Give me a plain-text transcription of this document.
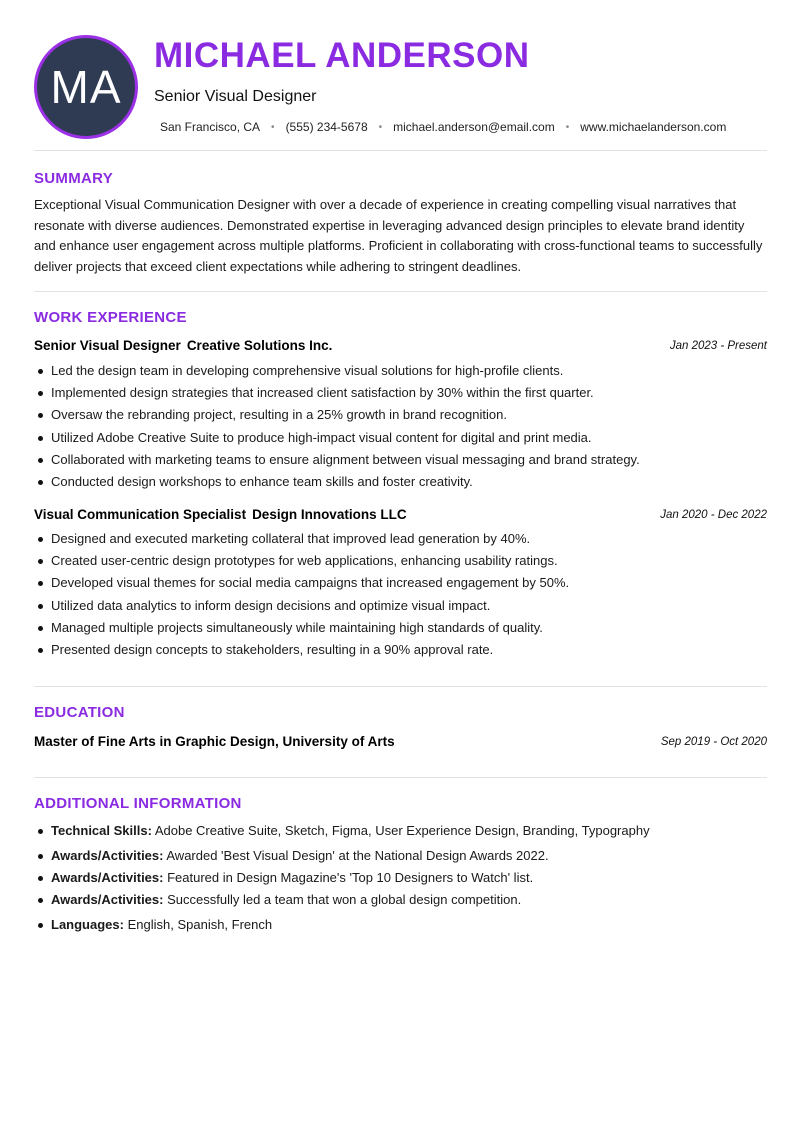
MA
MICHAEL ANDERSON
Senior Visual Designer
San Francisco, CA • (555) 234-5678 • michael.anderson@email.com • www.michaelanderson.com
SUMMARY

Exceptional Visual Communication Designer with over a decade of experience in creating compelling visual narratives that resonate with diverse audiences. Demonstrated expertise in leveraging advanced design principles to elevate brand identity and enhance user engagement across multiple platforms. Proficient in collaborating with cross-functional teams to successfully deliver projects that exceed client expectations while adhering to stringent deadlines.

WORK EXPERIENCE
Senior Visual Designer Creative Solutions Inc.	Jan 2023 - Present
Led the design team in developing comprehensive visual solutions for high-profile clients.
Implemented design strategies that increased client satisfaction by 30% within the first quarter.
Oversaw the rebranding project, resulting in a 25% growth in brand recognition.
Utilized Adobe Creative Suite to produce high-impact visual content for digital and print media.
Collaborated with marketing teams to ensure alignment between visual messaging and brand strategy.
Conducted design workshops to enhance team skills and foster creativity.
Visual Communication Specialist Design Innovations LLC	Jan 2020 - Dec 2022
Designed and executed marketing collateral that improved lead generation by 40%.
Created user-centric design prototypes for web applications, enhancing usability ratings.
Developed visual themes for social media campaigns that increased engagement by 50%.
Utilized data analytics to inform design decisions and optimize visual impact.
Managed multiple projects simultaneously while maintaining high standards of quality.
Presented design concepts to stakeholders, resulting in a 90% approval rate.
EDUCATION
Master of Fine Arts in Graphic Design, University of Arts	Sep 2019 - Oct 2020
ADDITIONAL INFORMATION
Technical Skills: Adobe Creative Suite, Sketch, Figma, User Experience Design, Branding, Typography
Awards/Activities: Awarded 'Best Visual Design' at the National Design Awards 2022.
Awards/Activities: Featured in Design Magazine's 'Top 10 Designers to Watch' list.
Awards/Activities: Successfully led a team that won a global design competition.
Languages: English, Spanish, French
